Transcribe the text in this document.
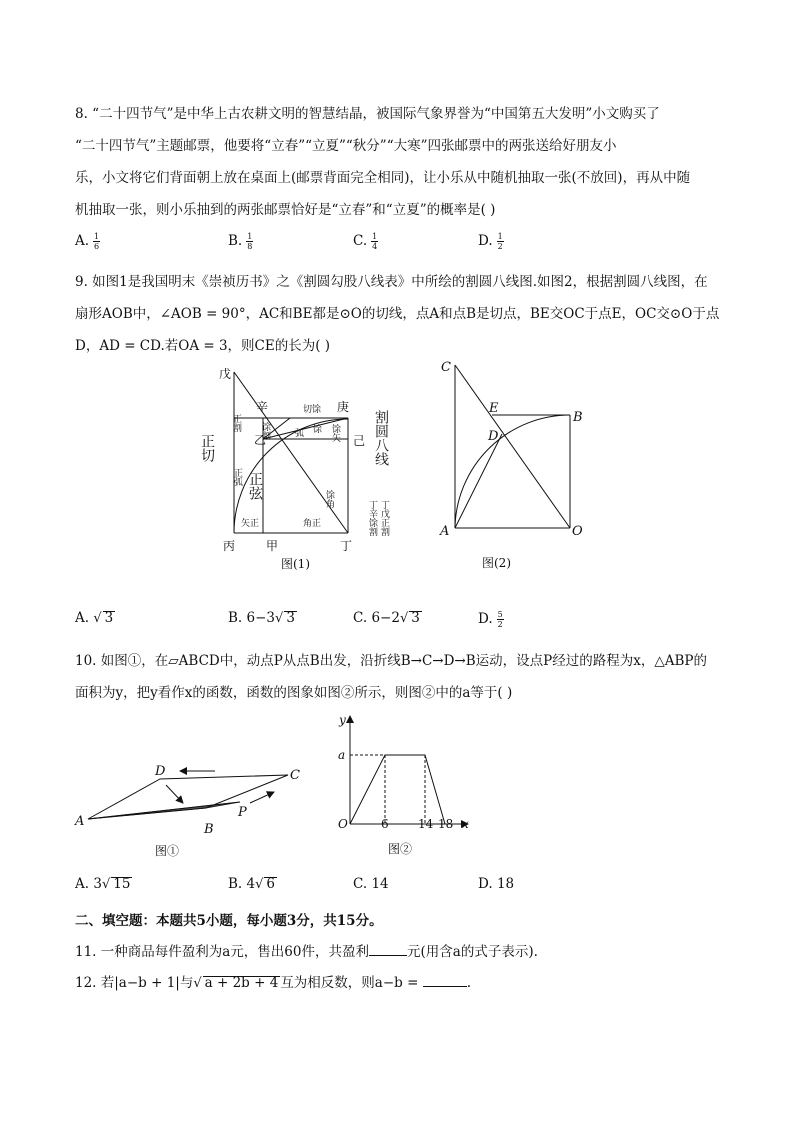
8. “二十四节气”是中华上古农耕文明的智慧结晶，被国际气象界誉为“中国第五大发明”小文购买了
“二十四节气”主题邮票，他要将“立春”“立夏”“秋分”“大寒”四张邮票中的两张送给好朋友小
乐，小文将它们背面朝上放在桌面上(邮票背面完全相同)，让小乐从中随机抽取一张(不放回)，再从中随
机抽取一张，则小乐抽到的两张邮票恰好是“立春”和“立夏”的概率是( )
A. $\frac{1}{6}$	B. $\frac{1}{8}$	C. $\frac{1}{4}$	D. $\frac{1}{2}$
9. 如图1是我国明末《崇祯历书》之《割圆勾股八线表》中所绘的割圆八线图.如图2，根据割圆八线图，在
扇形AOB中，∠AOB = 90°，AC和BE都是⊙O的切线，点A和点B是切点，BE交OC于点E，OC交⊙O于点
D，AD = CD.若OA = 3，则CE的长为( )
戊
辛	庚
己
乙
丙	甲	丁
正割
切馀
馀割	弧 馀 馀矢
正弧
馀角
矢正	角正	丁戊正割
丁辛馀割
正切
正弦
割圆八线
图(1)
C
E
B
D
A	O
图(2)
A. √ 3	B. 6−3√ 3	C. 6−2√ 3	D. $\frac{5}{2}$
10. 如图①，在▱ABCD中，动点P从点B出发，沿折线B→C→D→B运动，设点P经过的路程为x，△ABP的
面积为y，把y看作x的函数，函数的图象如图②所示，则图②中的a等于( )
A
D	C
B
P
图①
y
x
O
a
6 14 18
图②
A. 3√ 15	B. 4√ 6	C. 14	D. 18
二、填空题：本题共5小题，每小题3分，共15分。
11. 一种商品每件盈利为a元，售出60件，共盈利	元(用含a的式子表示).
12. 若|a−b + 1|与√ a + 2b + 4 互为相反数，则a−b =	.
